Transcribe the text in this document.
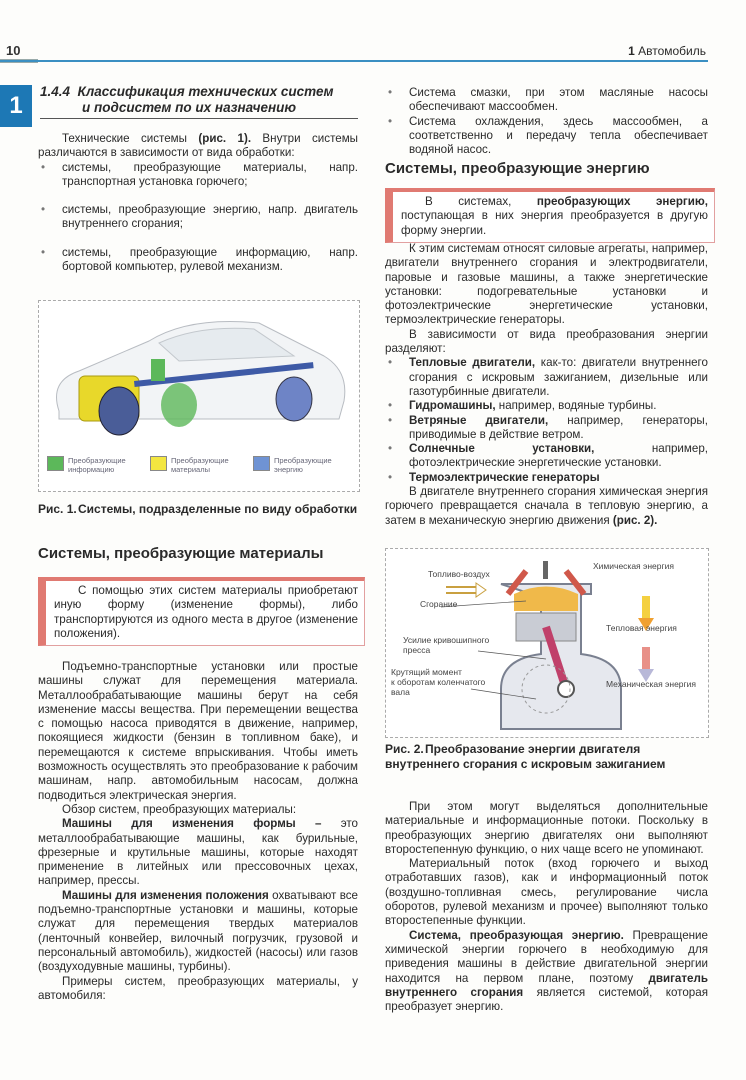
10	1 Автомобиль
1
1.4.4 Классификация технических систем
и подсистем по их назначению

Технические системы (рис. 1). Внутри системы различаются в зависимости от вида обработки:

• системы, преобразующие материалы, напр. транспортная установка горючего;
• системы, преобразующие энергию, напр. двигатель внутреннего сгорания;
• системы, преобразующие информацию, напр. бортовой компьютер, рулевой механизм.
Преобразующие информацию
Преобразующие материалы
Преобразующие энергию
Рис. 1.Системы, подразделенные по виду обработки
Системы, преобразующие материалы

С помощью этих систем материалы приобретают иную форму (изменение формы), либо транспортируются из одного места в другое (изменение положения).

Подъемно-транспортные установки или простые машины служат для перемещения материала. Металлообрабатывающие машины берут на себя изменение массы вещества. При перемещении вещества с помощью насоса приводятся в движение, например, покоящиеся жидкости (бензин в топливном баке), и перемещаются к системе впрыскивания. Чтобы иметь возможность осуществлять это преобразование к рабочим машинам, напр. автомобильным насосам, должна подводиться электрическая энергия.

Обзор систем, преобразующих материалы:

Машины для изменения формы – это металлообрабатывающие машины, как бурильные, фрезерные и крутильные машины, которые находят применение в литейных или прессовочных цехах, например, прессы.

Машины для изменения положения охватывают все подъемно-транспортные установки и машины, которые служат для перемещения твердых материалов (ленточный конвейер, вилочный погрузчик, грузовой и персональный автомобиль), жидкостей (насосы) или газов (воздуходувные машины, турбины).

Примеры систем, преобразующих материалы, у автомобиля:

• Система смазки, при этом масляные насосы обеспечивают массообмен.
• Система охлаждения, здесь массообмен, а соответственно и передачу тепла обеспечивает водяной насос.
Системы, преобразующие энергию

В системах, преобразующих энергию, поступающая в них энергия преобразуется в другую форму энергии.

К этим системам относят силовые агрегаты, например, двигатели внутреннего сгорания и электродвигатели, паровые и газовые машины, а также энергетические установки: подогревательные установки и фотоэлектрические энергетические установки, термоэлектрические генераторы.

В зависимости от вида преобразования энергии разделяют:

• Тепловые двигатели, как-то: двигатели внутреннего сгорания с искровым зажиганием, дизельные или газотурбинные двигатели.
• Гидромашины, например, водяные турбины.
• Ветряные двигатели, например, генераторы, приводимые в действие ветром.
• Солнечные установки, например, фотоэлектрические энергетические установки.
• Термоэлектрические генераторы

В двигателе внутреннего сгорания химическая энергия горючего превращается сначала в тепловую энергию, а затем в механическую энергию движения (рис. 2).

Топливо-воздух
Сгорание
Усилие кривошипного
пресса
Крутящий момент
к оборотам коленчатого
вала
Химическая энергия
Тепловая энергия
Механическая энергия
Рис. 2.Преобразование энергии двигателя внутреннего сгорания с искровым зажиганием

При этом могут выделяться дополнительные материальные и информационные потоки. Поскольку в преобразующих энергию двигателях они выполняют второстепенную функцию, о них чаще всего не упоминают.

Материальный поток (вход горючего и выход отработавших газов), как и информационный поток (воздушно-топливная смесь, регулирование числа оборотов, рулевой механизм и прочее) выполняют только второстепенные функции.

Система, преобразующая энергию. Превращение химической энергии горючего в необходимую для приведения машины в действие двигательной энергии находится на первом плане, поэтому двигатель внутреннего сгорания является системой, которая преобразует энергию.
